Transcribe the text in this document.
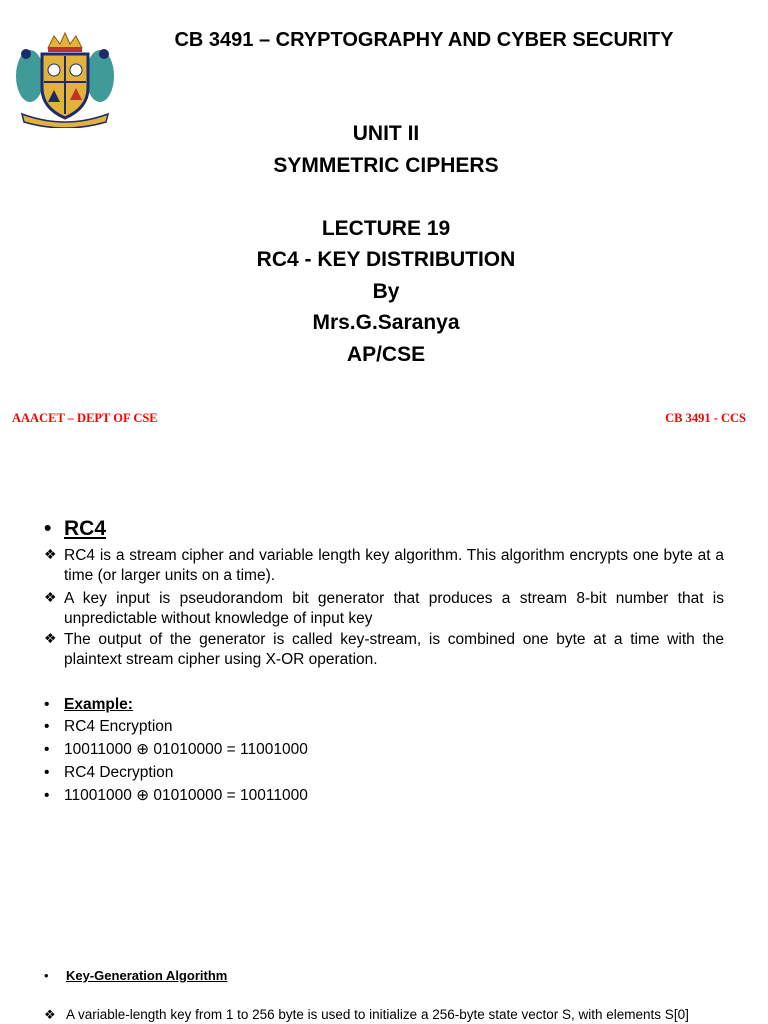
CB 3491 – CRYPTOGRAPHY AND CYBER SECURITY
UNIT II
SYMMETRIC CIPHERS
LECTURE 19
RC4 - KEY DISTRIBUTION
By
Mrs.G.Saranya
AP/CSE
AAACET – DEPT OF CSE	CB 3491 - CCS
• RC4
❖ RC4 is a stream cipher and variable length key algorithm. This algorithm encrypts one byte at a time (or larger units on a time).
❖ A key input is pseudorandom bit generator that produces a stream 8-bit number that is unpredictable without knowledge of input key
❖ The output of the generator is called key-stream, is combined one byte at a time with the plaintext stream cipher using X-OR operation.
• Example:
• RC4 Encryption
• 10011000 ⊕ 01010000 = 11001000
• RC4 Decryption
• 11001000 ⊕ 01010000 = 10011000
• Key-Generation Algorithm
❖ A variable-length key from 1 to 256 byte is used to initialize a 256-byte state vector S, with elements S[0]
